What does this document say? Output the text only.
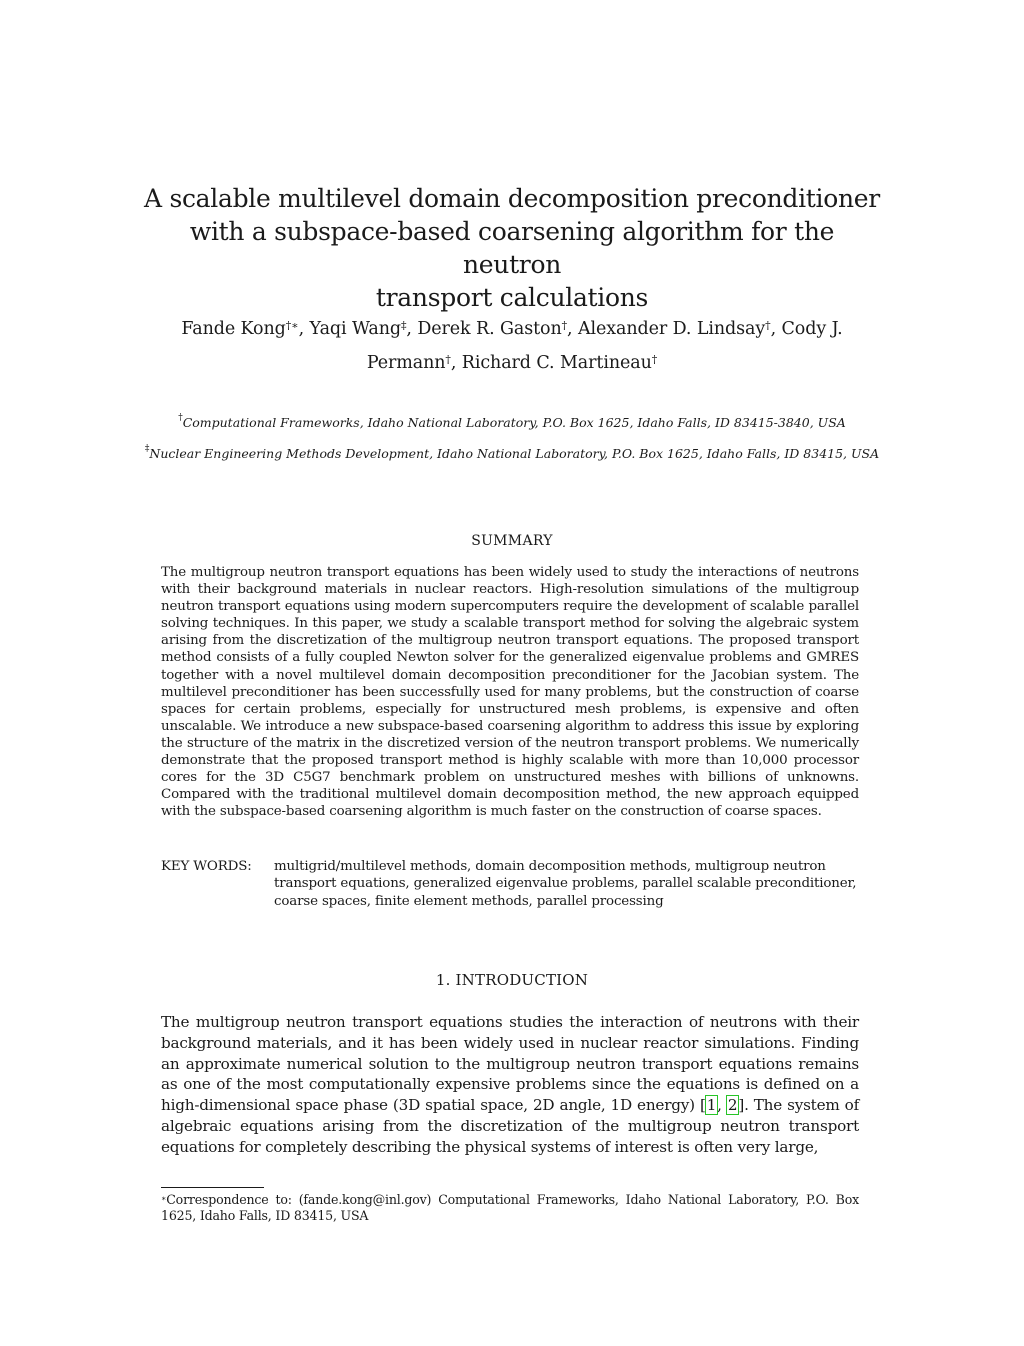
A scalable multilevel domain decomposition preconditioner
with a subspace-based coarsening algorithm for the neutron
transport calculations
Fande Kong†∗, Yaqi Wang‡, Derek R. Gaston†, Alexander D. Lindsay†, Cody J. Permann†, Richard C. Martineau†
†Computational Frameworks, Idaho National Laboratory, P.O. Box 1625, Idaho Falls, ID 83415-3840, USA
‡Nuclear Engineering Methods Development, Idaho National Laboratory, P.O. Box 1625, Idaho Falls, ID 83415, USA
SUMMARY

The multigroup neutron transport equations has been widely used to study the interactions of neutrons with their background materials in nuclear reactors. High-resolution simulations of the multigroup neutron transport equations using modern supercomputers require the development of scalable parallel solving techniques. In this paper, we study a scalable transport method for solving the algebraic system arising from the discretization of the multigroup neutron transport equations. The proposed transport method consists of a fully coupled Newton solver for the generalized eigenvalue problems and GMRES together with a novel multilevel domain decomposition preconditioner for the Jacobian system. The multilevel preconditioner has been successfully used for many problems, but the construction of coarse spaces for certain problems, especially for unstructured mesh problems, is expensive and often unscalable. We introduce a new subspace-based coarsening algorithm to address this issue by exploring the structure of the matrix in the discretized version of the neutron transport problems. We numerically demonstrate that the proposed transport method is highly scalable with more than 10,000 processor cores for the 3D C5G7 benchmark problem on unstructured meshes with billions of unknowns. Compared with the traditional multilevel domain decomposition method, the new approach equipped with the subspace-based coarsening algorithm is much faster on the construction of coarse spaces.

KEY WORDS:	multigrid/multilevel methods, domain decomposition methods, multigroup neutron transport equations, generalized eigenvalue problems, parallel scalable preconditioner, coarse spaces, finite element methods, parallel processing
1. INTRODUCTION

The multigroup neutron transport equations studies the interaction of neutrons with their background materials, and it has been widely used in nuclear reactor simulations. Finding an approximate numerical solution to the multigroup neutron transport equations remains as one of the most computationally expensive problems since the equations is defined on a high-dimensional space phase (3D spatial space, 2D angle, 1D energy) [1, 2]. The system of algebraic equations arising from the discretization of the multigroup neutron transport equations for completely describing the physical systems of interest is often very large,

∗Correspondence to: (fande.kong@inl.gov) Computational Frameworks, Idaho National Laboratory, P.O. Box 1625, Idaho Falls, ID 83415, USA
